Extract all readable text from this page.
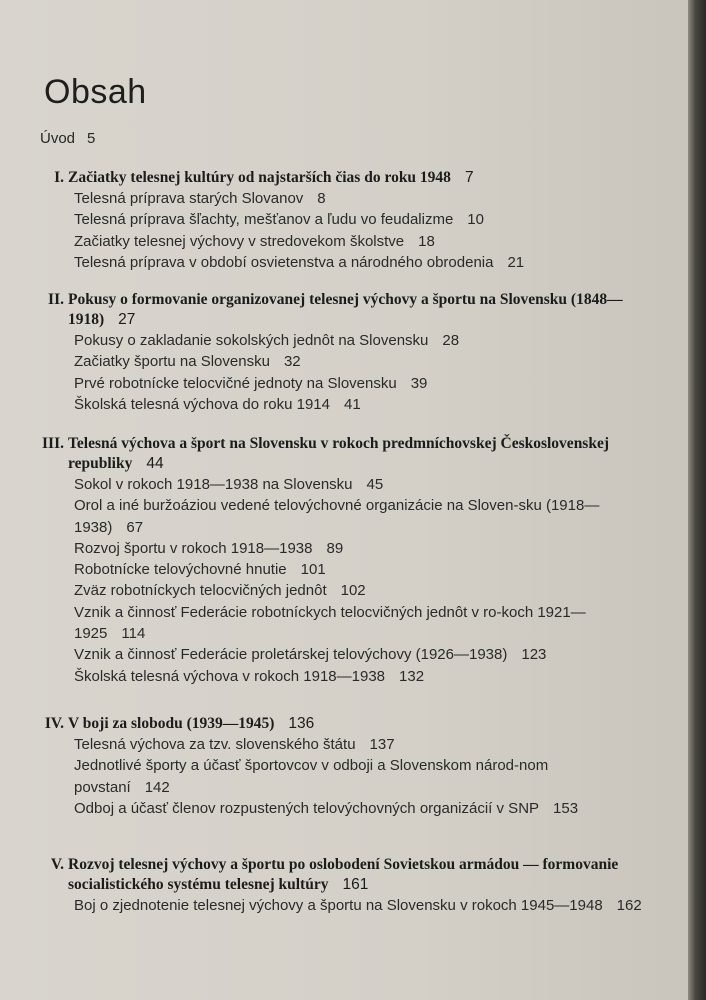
Obsah
Úvod 5
I. Začiatky telesnej kultúry od najstarších čias do roku 1948 7
Telesná príprava starých Slovanov 8
Telesná príprava šľachty, mešťanov a ľudu vo feudalizme 10
Začiatky telesnej výchovy v stredovekom školstve 18
Telesná príprava v období osvietenstva a národného obrodenia 21
II. Pokusy o formovanie organizovanej telesnej výchovy a športu na Slovensku (1848—1918) 27
Pokusy o zakladanie sokolských jednôt na Slovensku 28
Začiatky športu na Slovensku 32
Prvé robotnícke telocvičné jednoty na Slovensku 39
Školská telesná výchova do roku 1914 41
III. Telesná výchova a šport na Slovensku v rokoch predmníchovskej Československej republiky 44
Sokol v rokoch 1918—1938 na Slovensku 45
Orol a iné buržoáziou vedené telovýchovné organizácie na Sloven-sku (1918—1938) 67
Rozvoj športu v rokoch 1918—1938 89
Robotnícke telovýchovné hnutie 101
Zväz robotníckych telocvičných jednôt 102
Vznik a činnosť Federácie robotníckych telocvičných jednôt v ro-koch 1921—1925 114
Vznik a činnosť Federácie proletárskej telovýchovy (1926—1938) 123
Školská telesná výchova v rokoch 1918—1938 132
IV. V boji za slobodu (1939—1945) 136
Telesná výchova za tzv. slovenského štátu 137
Jednotlivé športy a účasť športovcov v odboji a Slovenskom národ-nom povstaní 142
Odboj a účasť členov rozpustených telovýchovných organizácií v SNP 153
V. Rozvoj telesnej výchovy a športu po oslobodení Sovietskou armádou — formovanie socialistického systému telesnej kultúry 161
Boj o zjednotenie telesnej výchovy a športu na Slovensku v rokoch 1945—1948 162
